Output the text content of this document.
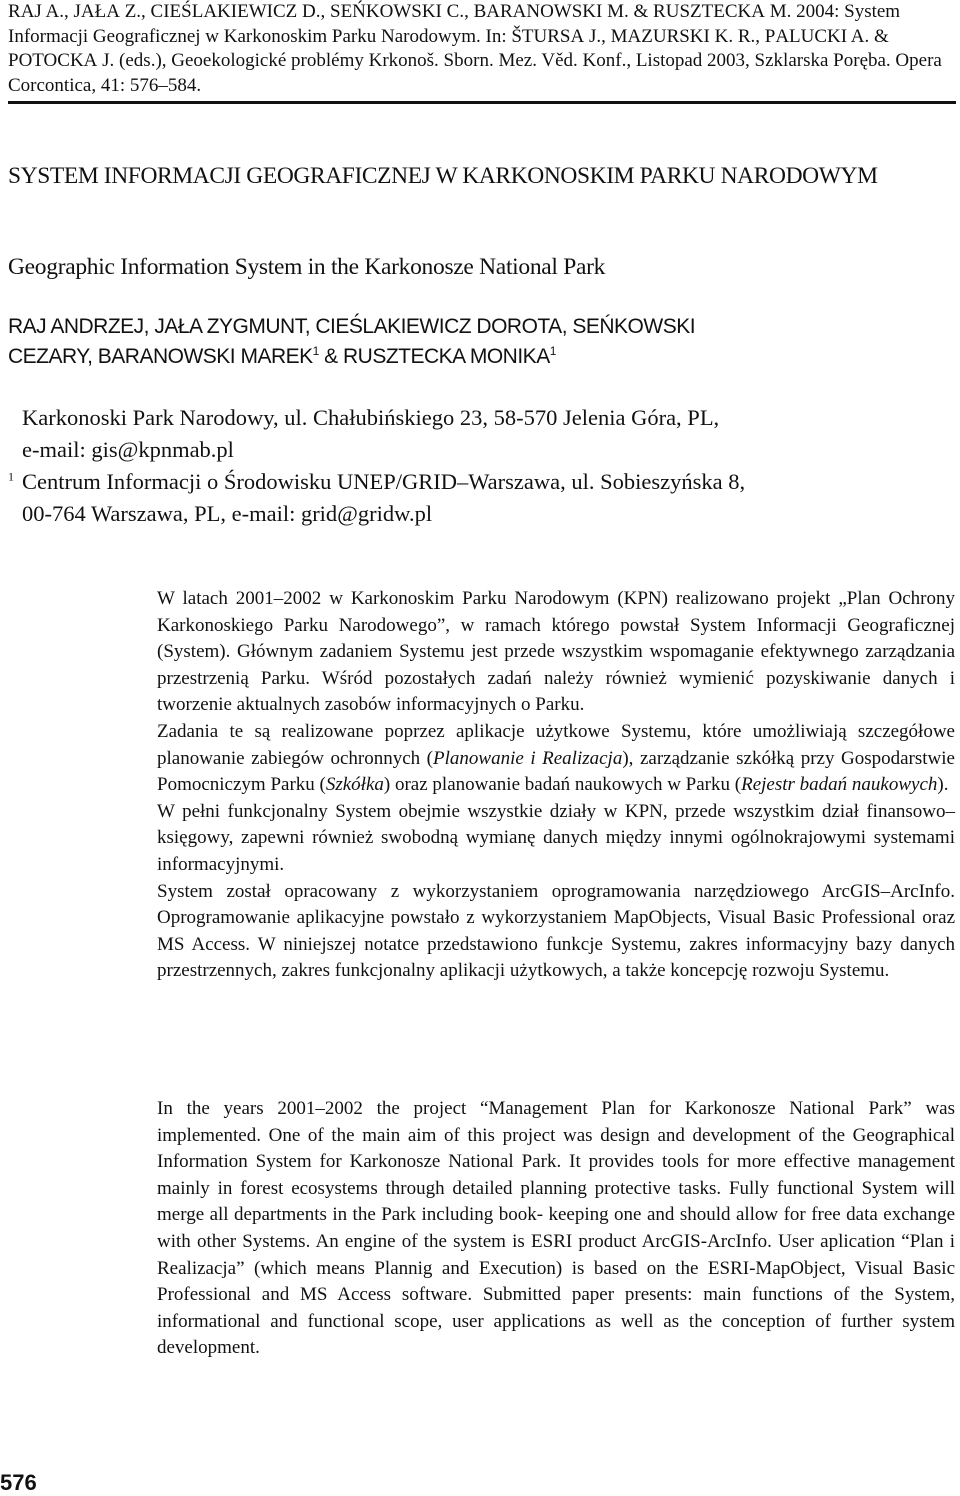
RAJ A., JAŁA Z., CIEŚLAKIEWICZ D., SEŃKOWSKI C., BARANOWSKI M. & RUSZTECKA M. 2004: System Informacji Geograficznej w Karkonoskim Parku Narodowym. In: ŠTURSA J., MAZURSKI K. R., PALUCKI A. & POTOCKA J. (eds.), Geoekologické problémy Krkonoš. Sborn. Mez. Věd. Konf., Listopad 2003, Szklarska Poręba. Opera Corcontica, 41: 576–584.
SYSTEM INFORMACJI GEOGRAFICZNEJ W KARKONOSKIM PARKU NARODOWYM
Geographic Information System in the Karkonosze National Park
RAJ ANDRZEJ, JAŁA ZYGMUNT, CIEŚLAKIEWICZ DOROTA, SEŃKOWSKI
CEZARY, BARANOWSKI MAREK$^1$ & RUSZTECKA MONIKA$^1$
Karkonoski Park Narodowy, ul. Chałubińskiego 23, 58-570 Jelenia Góra, PL,
e-mail: gis@kpnmab.pl
$^1$ Centrum Informacji o Środowisku UNEP/GRID–Warszawa, ul. Sobieszyńska 8,
00-764 Warszawa, PL, e-mail: grid@gridw.pl

W latach 2001–2002 w Karkonoskim Parku Narodowym (KPN) realizowano projekt „Plan Ochrony Karkonoskiego Parku Narodowego”, w ramach którego powstał System Informacji Geograficznej (System). Głównym zadaniem Systemu jest przede wszystkim wspomaganie efektywnego zarządzania przestrzenią Parku. Wśród pozostałych zadań należy również wymienić pozyskiwanie danych i tworzenie aktualnych zasobów informacyjnych o Parku.

Zadania te są realizowane poprzez aplikacje użytkowe Systemu, które umożliwiają szczegółowe planowanie zabiegów ochronnych (Planowanie i Realizacja), zarządzanie szkółką przy Gospodarstwie Pomocniczym Parku (Szkółka) oraz planowanie badań naukowych w Parku (Rejestr badań naukowych).

W pełni funkcjonalny System obejmie wszystkie działy w KPN, przede wszystkim dział finansowo–księgowy, zapewni również swobodną wymianę danych między innymi ogólnokrajowymi systemami informacyjnymi.

System został opracowany z wykorzystaniem oprogramowania narzędziowego ArcGIS–ArcInfo. Oprogramowanie aplikacyjne powstało z wykorzystaniem MapObjects, Visual Basic Professional oraz MS Access. W niniejszej notatce przedstawiono funkcje Systemu, zakres informacyjny bazy danych przestrzennych, zakres funkcjonalny aplikacji użytkowych, a także koncepcję rozwoju Systemu.

In the years 2001–2002 the project “Management Plan for Karkonosze National Park” was implemented. One of the main aim of this project was design and development of the Geographical Information System for Karkonosze National Park. It provides tools for more effective management mainly in forest ecosystems through detailed planning protective tasks. Fully functional System will merge all departments in the Park including book- keeping one and should allow for free data exchange with other Systems. An engine of the system is ESRI product ArcGIS-ArcInfo. User aplication “Plan i Realizacja” (which means Plannig and Execution) is based on the ESRI-MapObject, Visual Basic Professional and MS Access software. Submitted paper presents: main functions of the System, informational and functional scope, user applications as well as the conception of further system development.

576
